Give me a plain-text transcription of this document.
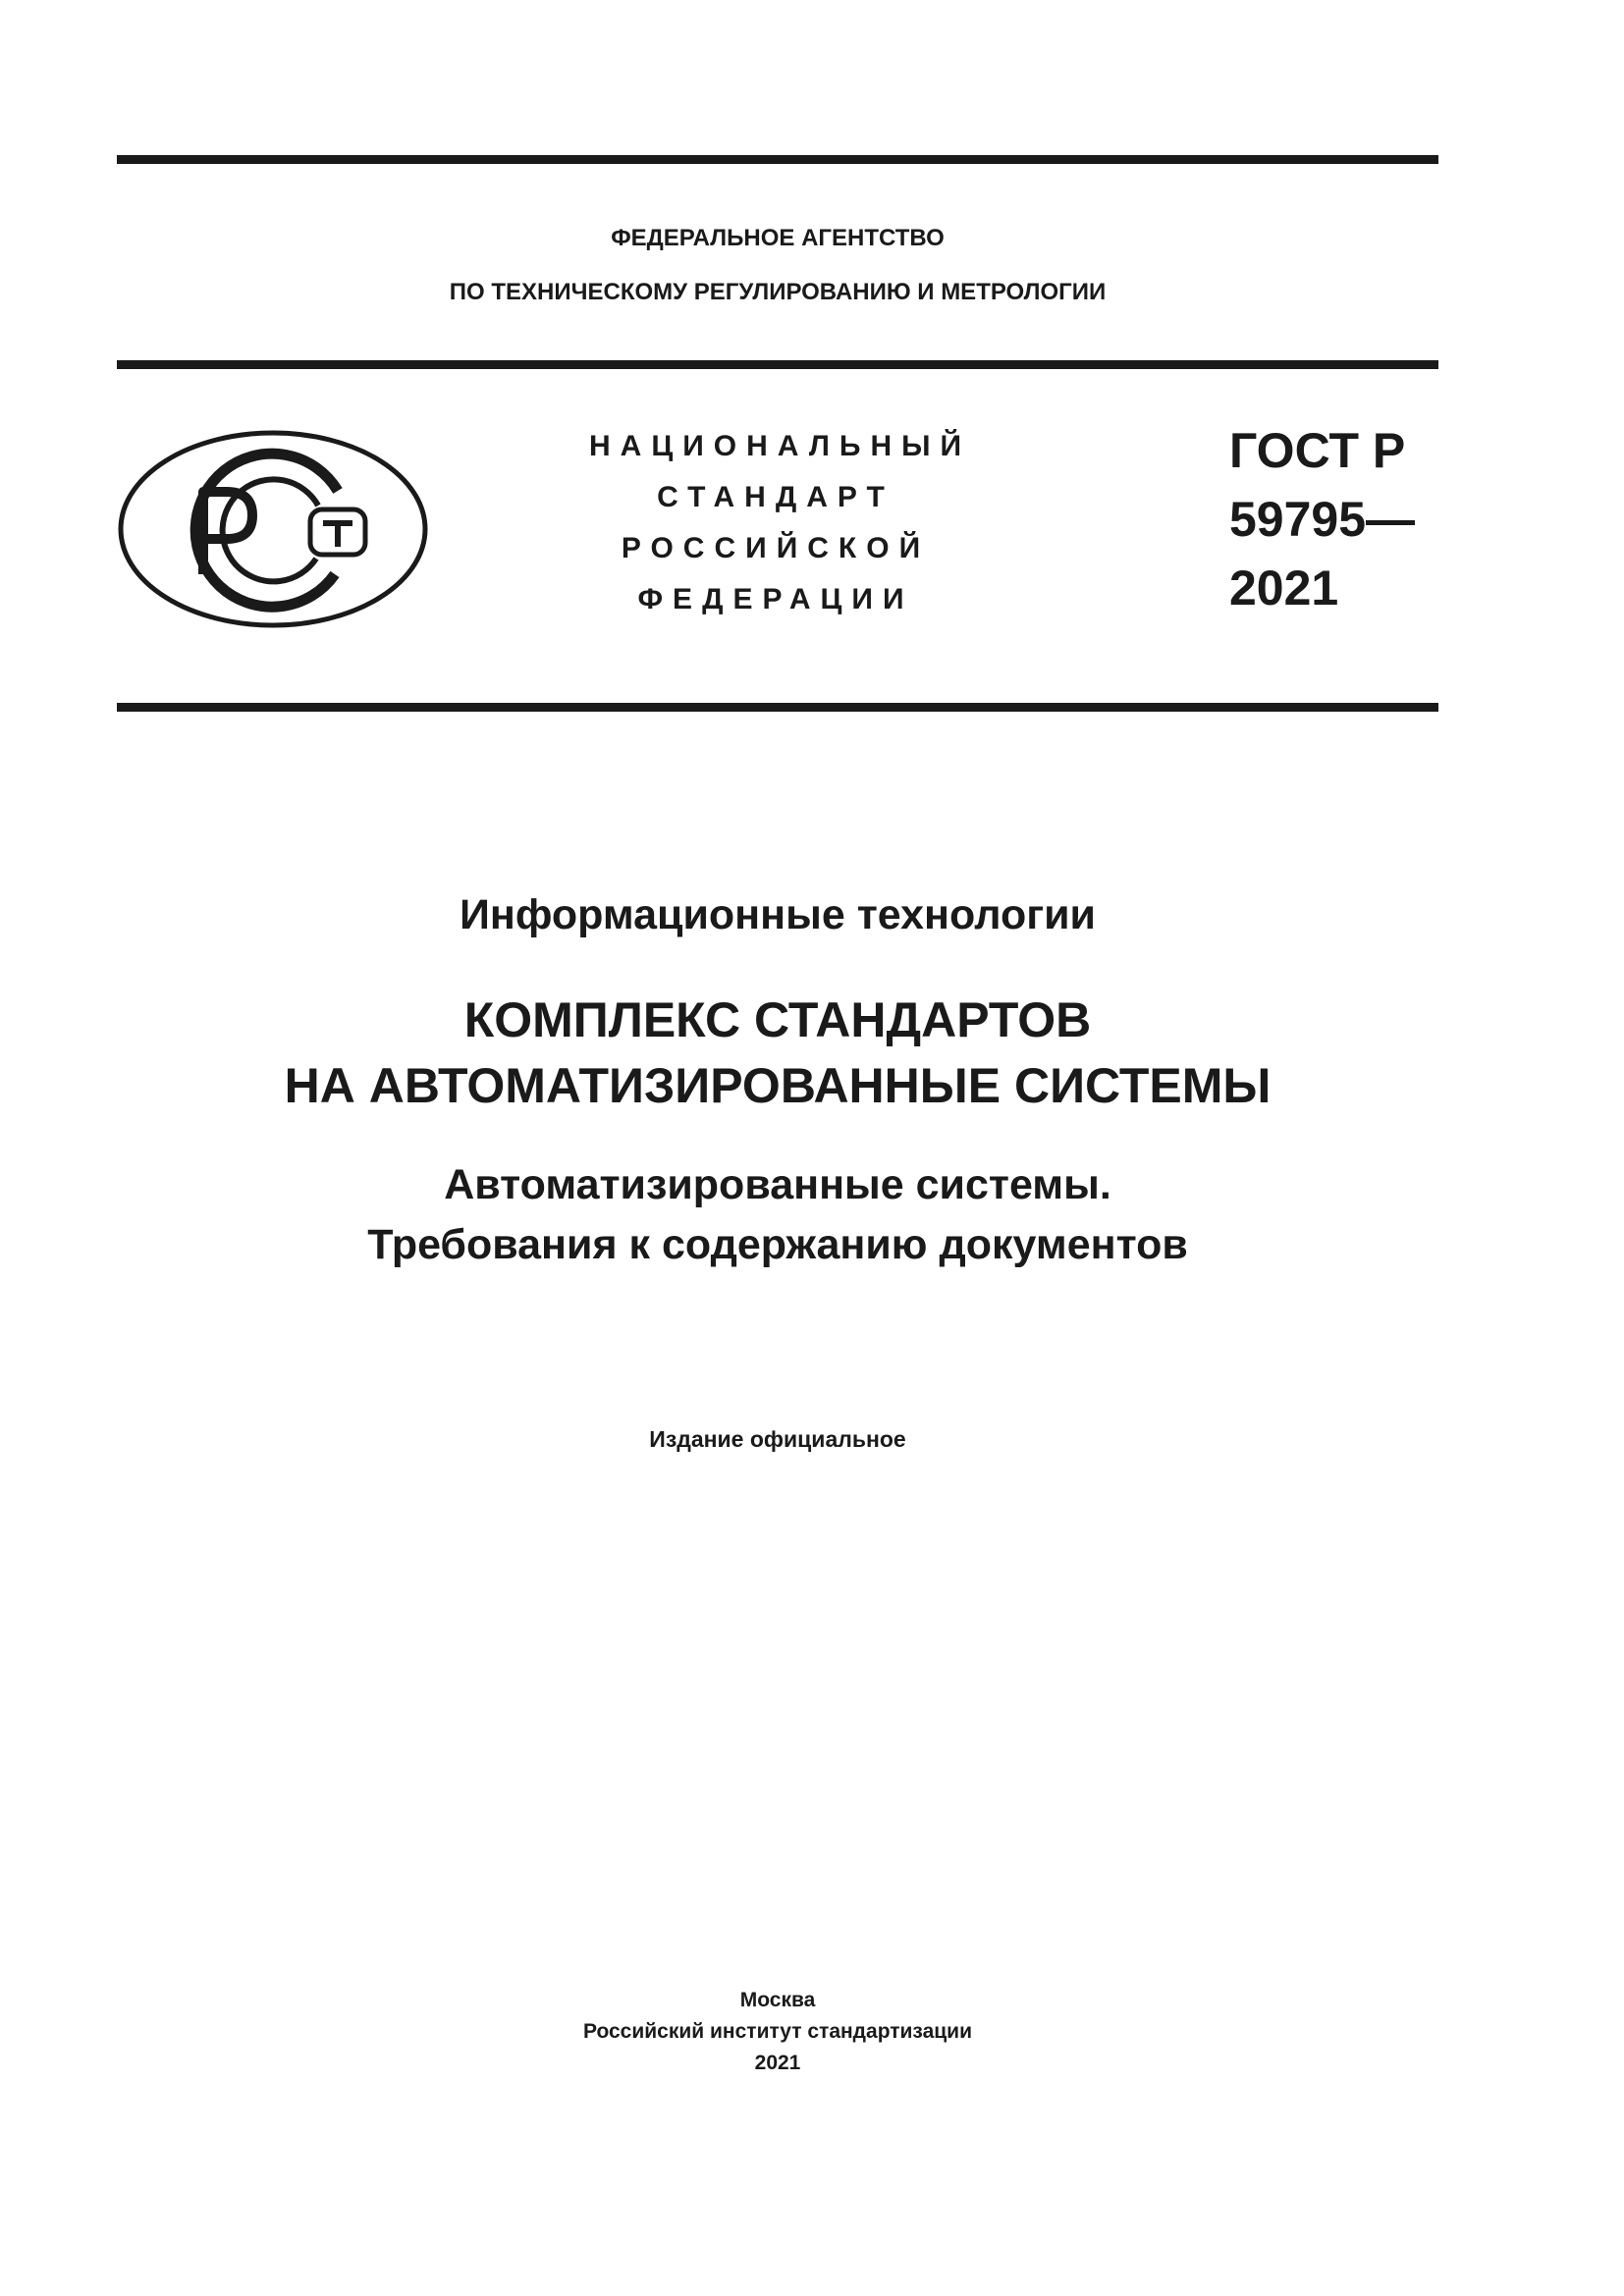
ФЕДЕРАЛЬНОЕ АГЕНТСТВО
ПО ТЕХНИЧЕСКОМУ РЕГУЛИРОВАНИЮ И МЕТРОЛОГИИ
НАЦИОНАЛЬНЫЙ
СТАНДАРТ
РОССИЙСКОЙ
ФЕДЕРАЦИИ
ГОСТ Р
59795—
2021
Информационные технологии
КОМПЛЕКС СТАНДАРТОВ
НА АВТОМАТИЗИРОВАННЫЕ СИСТЕМЫ
Автоматизированные системы.
Требования к содержанию документов
Издание официальное
Москва
Российский институт стандартизации
2021
